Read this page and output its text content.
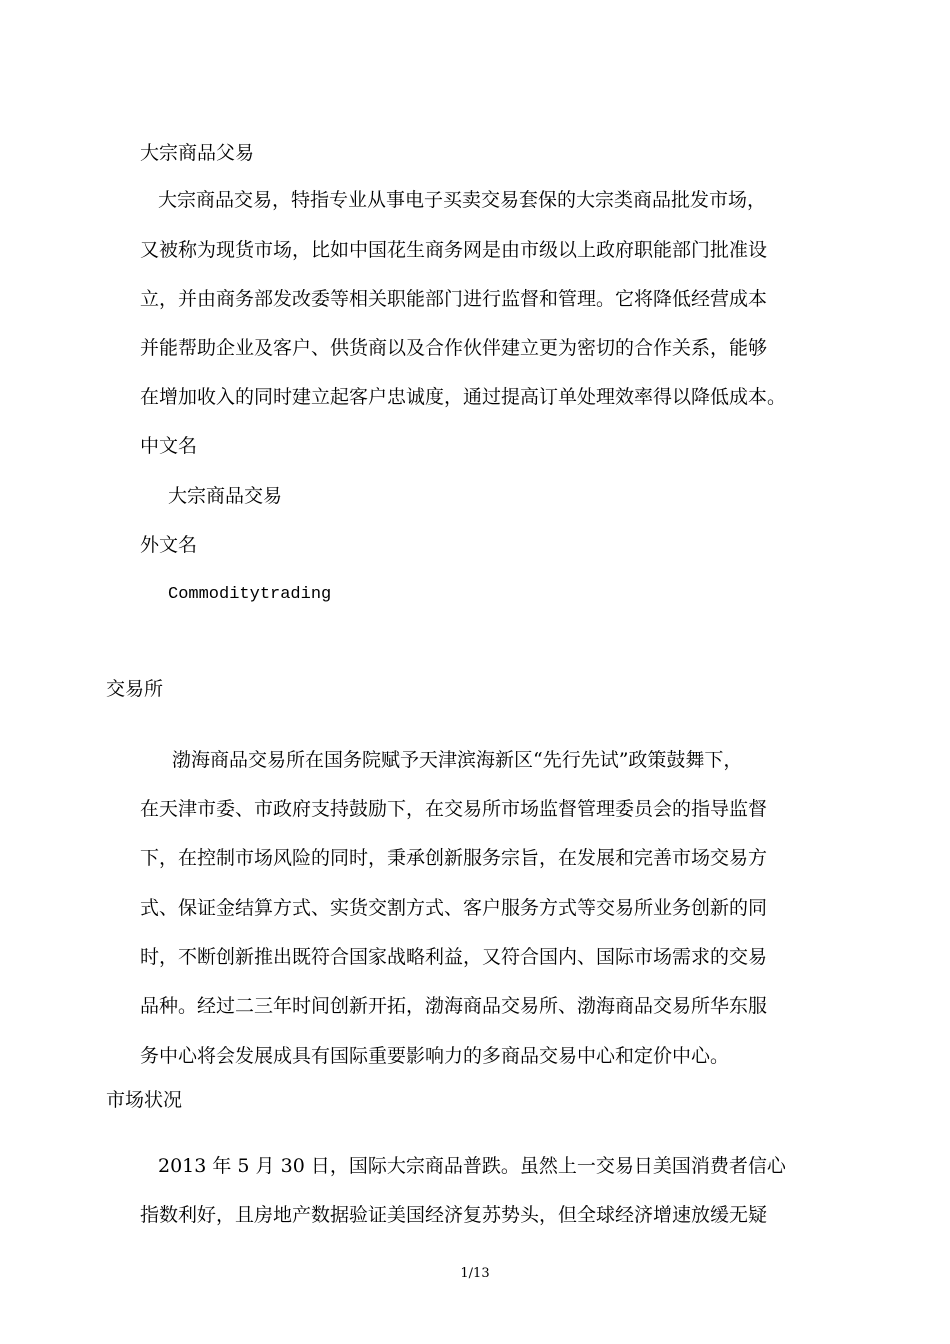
大宗商品父易
大宗商品交易，特指专业从事电子买卖交易套保的大宗类商品批发市场，
又被称为现货市场，比如中国花生商务网是由市级以上政府职能部门批准设
立，并由商务部发改委等相关职能部门进行监督和管理。它将降低经营成本
并能帮助企业及客户、供货商以及合作伙伴建立更为密切的合作关系，能够
在增加收入的同时建立起客户忠诚度，通过提高订单处理效率得以降低成本。
中文名
大宗商品交易
外文名
Commoditytrading
交易所
渤海商品交易所在国务院赋予天津滨海新区“先行先试”政策鼓舞下，
在天津市委、市政府支持鼓励下，在交易所市场监督管理委员会的指导监督
下，在控制市场风险的同时，秉承创新服务宗旨，在发展和完善市场交易方
式、保证金结算方式、实货交割方式、客户服务方式等交易所业务创新的同
时，不断创新推出既符合国家战略利益，又符合国内、国际市场需求的交易
品种。经过二三年时间创新开拓，渤海商品交易所、渤海商品交易所华东服
务中心将会发展成具有国际重要影响力的多商品交易中心和定价中心。
市场状况
2013 年 5 月 30 日，国际大宗商品普跌。虽然上一交易日美国消费者信心
指数利好，且房地产数据验证美国经济复苏势头，但全球经济增速放缓无疑
1/13
